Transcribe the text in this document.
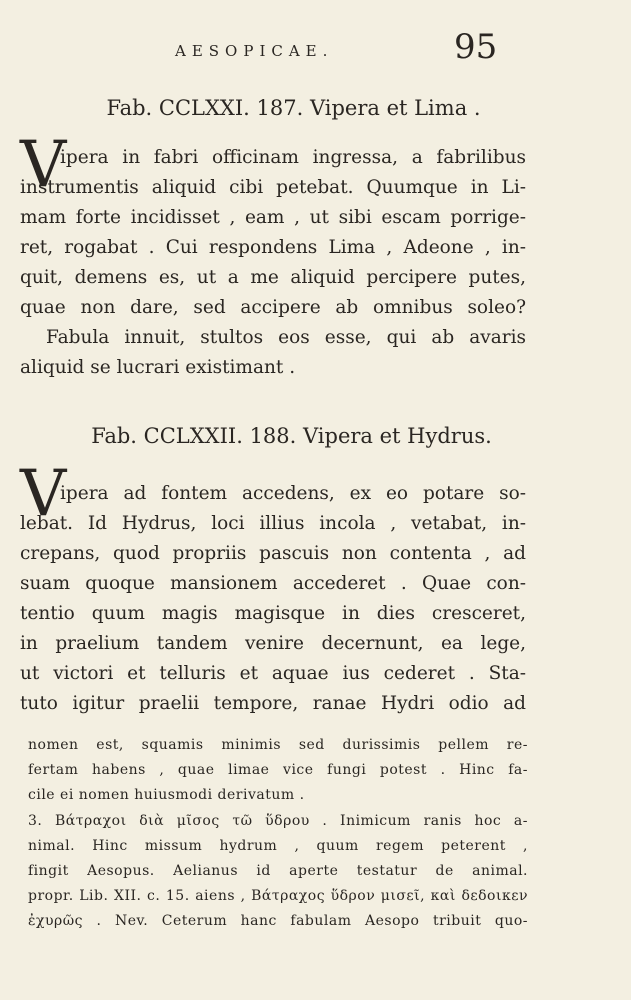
AESOPICAE.	95
Fab. CCLXXI. 187. Vipera et Lima .
V
ipera in fabri officinam ingressa, a fabrilibus
instrumentis aliquid cibi petebat. Quumque in Li-
mam forte incidisset , eam , ut sibi escam porrige-
ret, rogabat . Cui respondens Lima , Adeone , in-
quit, demens es, ut a me aliquid percipere putes,
quae non dare, sed accipere ab omnibus soleo?
Fabula innuit, stultos eos esse, qui ab avaris
aliquid se lucrari existimant .
Fab. CCLXXII. 188. Vipera et Hydrus.
V
ipera ad fontem accedens, ex eo potare so-
lebat. Id Hydrus, loci illius incola , vetabat, in-
crepans, quod propriis pascuis non contenta , ad
suam quoque mansionem accederet . Quae con-
tentio quum magis magisque in dies cresceret,
in praelium tandem venire decernunt, ea lege,
ut victori et telluris et aquae ius cederet . Sta-
tuto igitur praelii tempore, ranae Hydri odio ad
nomen est, squamis minimis sed durissimis pellem re-
fertam habens , quae limae vice fungi potest . Hinc fa-
cile ei nomen huiusmodi derivatum .
3. Βάτραχοι διὰ μῖσος τῶ ὕδρου . Inimicum ranis hoc a-
nimal. Hinc missum hydrum , quum regem peterent ,
fingit Aesopus. Aelianus id aperte testatur de animal.
propr. Lib. XII. c. 15. aiens , Βάτραχος ὕδρον μισεῖ, καὶ δεδοικεν
ἐχυρῶς . Nev. Ceterum hanc fabulam Aesopo tribuit quo-
